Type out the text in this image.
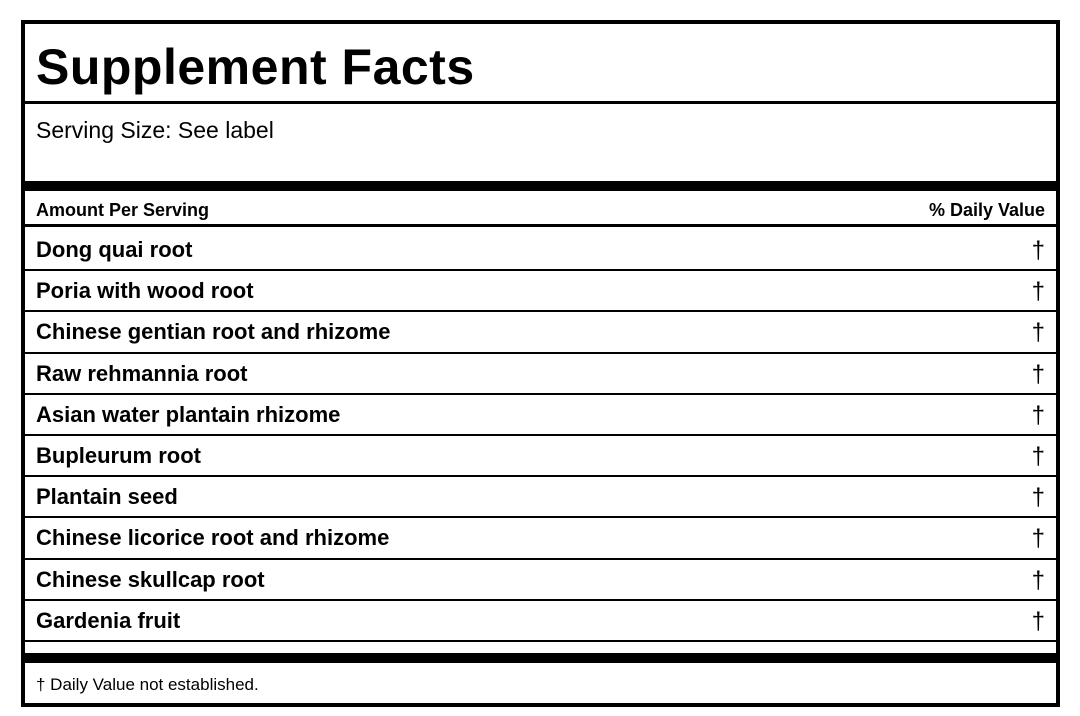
Supplement Facts
Serving Size: See label
Amount Per Serving	% Daily Value
Dong quai root	†
Poria with wood root	†
Chinese gentian root and rhizome	†
Raw rehmannia root	†
Asian water plantain rhizome	†
Bupleurum root	†
Plantain seed	†
Chinese licorice root and rhizome	†
Chinese skullcap root	†
Gardenia fruit	†
† Daily Value not established.
